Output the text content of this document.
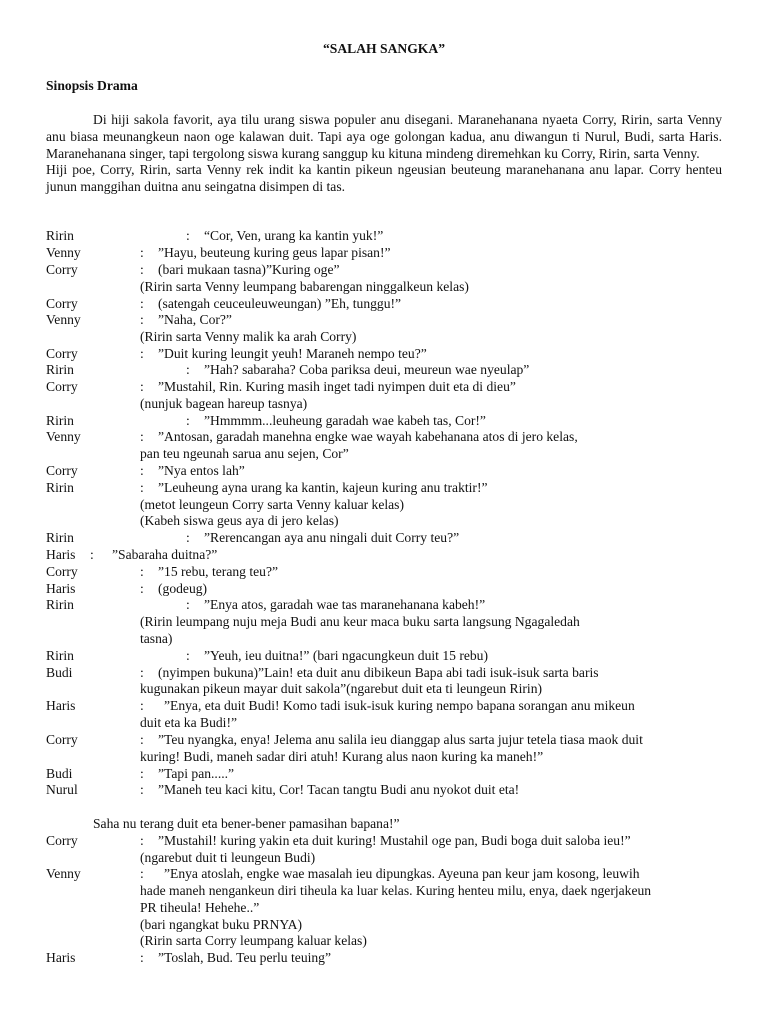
“SALAH SANGKA”
Sinopsis Drama

Di hiji sakola favorit, aya tilu urang siswa populer anu disegani. Maranehanana nyaeta Corry, Ririn, sarta Venny anu biasa meunangkeun naon oge kalawan duit. Tapi aya oge golongan kadua, anu diwangun ti Nurul, Budi, sarta Haris. Maranehanana singer, tapi tergolong siswa kurang sanggup ku kituna mindeng diremehkan ku Corry, Ririn, sarta Venny.

Hiji poe, Corry, Ririn, sarta Venny rek indit ka kantin pikeun ngeusian beuteung maranehanana anu lapar. Corry henteu junun manggihan duitna anu seingatna disimpen di tas.

Ririn	: “Cor, Ven, urang ka kantin yuk!”
Venny	: ”Hayu, beuteung kuring geus lapar pisan!”
Corry	: (bari mukaan tasna)”Kuring oge”
(Ririn sarta Venny leumpang babarengan ninggalkeun kelas)
Corry	: (satengah ceuceuleuweungan) ”Eh, tunggu!”
Venny	: ”Naha, Cor?”
(Ririn sarta Venny malik ka arah Corry)
Corry	: ”Duit kuring leungit yeuh! Maraneh nempo teu?”
Ririn	: ”Hah? sabaraha? Coba pariksa deui, meureun wae nyeulap”
Corry	: ”Mustahil, Rin. Kuring masih inget tadi nyimpen duit eta di dieu”
(nunjuk bagean hareup tasnya)
Ririn	: ”Hmmmm...leuheung garadah wae kabeh tas, Cor!”
Venny	: ”Antosan, garadah manehna engke wae wayah kabehanana atos di jero kelas,
pan teu ngeunah sarua anu sejen, Cor”
Corry	: ”Nya entos lah”
Ririn	: ”Leuheung ayna urang ka kantin, kajeun kuring anu traktir!”
(metot leungeun Corry sarta Venny kaluar kelas)
(Kabeh siswa geus aya di jero kelas)
Ririn	: ”Rerencangan aya anu ningali duit Corry teu?”
Haris : ”Sabaraha duitna?”
Corry	: ”15 rebu, terang teu?”
Haris	: (godeug)
Ririn	: ”Enya atos, garadah wae tas maranehanana kabeh!”
(Ririn leumpang nuju meja Budi anu keur maca buku sarta langsung Ngagaledah
tasna)
Ririn	: ”Yeuh, ieu duitna!” (bari ngacungkeun duit 15 rebu)
Budi	: (nyimpen bukuna)”Lain! eta duit anu dibikeun Bapa abi tadi isuk-isuk sarta baris
kugunakan pikeun mayar duit sakola”(ngarebut duit eta ti leungeun Ririn)
Haris	: ”Enya, eta duit Budi! Komo tadi isuk-isuk kuring nempo bapana sorangan anu mikeun
duit eta ka Budi!”
Corry	: ”Teu nyangka, enya! Jelema anu salila ieu dianggap alus sarta jujur tetela tiasa maok duit
kuring! Budi, maneh sadar diri atuh! Kurang alus naon kuring ka maneh!”
Budi	: ”Tapi pan.....”
Nurul	: ”Maneh teu kaci kitu, Cor! Tacan tangtu Budi anu nyokot duit eta!
Saha nu terang duit eta bener-bener pamasihan bapana!”
Corry	: ”Mustahil! kuring yakin eta duit kuring! Mustahil oge pan, Budi boga duit saloba ieu!”
(ngarebut duit ti leungeun Budi)
Venny	: ”Enya atoslah, engke wae masalah ieu dipungkas. Ayeuna pan keur jam kosong, leuwih
hade maneh nengankeun diri tiheula ka luar kelas. Kuring henteu milu, enya, daek ngerjakeun
PR tiheula! Hehehe..”
(bari ngangkat buku PRNYA)
(Ririn sarta Corry leumpang kaluar kelas)
Haris	: ”Toslah, Bud. Teu perlu teuing”
